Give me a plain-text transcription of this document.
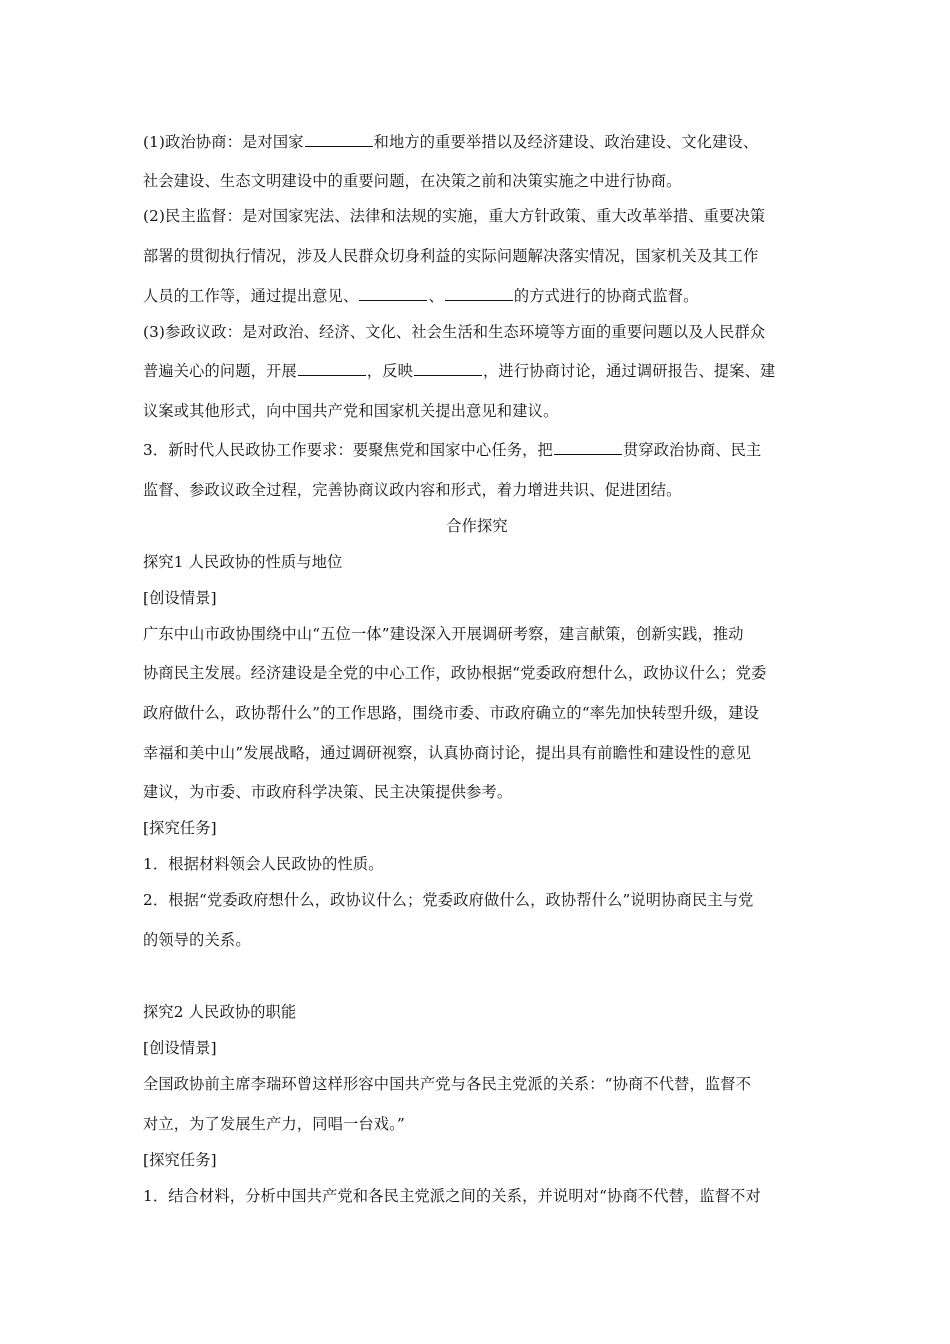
(1)政治协商：是对国家	和地方的重要举措以及经济建设、政治建设、文化建设、
社会建设、生态文明建设中的重要问题，在决策之前和决策实施之中进行协商。
(2)民主监督：是对国家宪法、法律和法规的实施，重大方针政策、重大改革举措、重要决策
部署的贯彻执行情况，涉及人民群众切身利益的实际问题解决落实情况，国家机关及其工作
人员的工作等，通过提出意见、	、	的方式进行的协商式监督。
(3)参政议政：是对政治、经济、文化、社会生活和生态环境等方面的重要问题以及人民群众
普遍关心的问题，开展	，反映	，进行协商讨论，通过调研报告、提案、建
议案或其他形式，向中国共产党和国家机关提出意见和建议。
3．新时代人民政协工作要求：要聚焦党和国家中心任务，把	贯穿政治协商、民主
监督、参政议政全过程，完善协商议政内容和形式，着力增进共识、促进团结。
合作探究
探究1 人民政协的性质与地位
[创设情景]
广东中山市政协围绕中山“五位一体”建设深入开展调研考察，建言献策，创新实践，推动
协商民主发展。经济建设是全党的中心工作，政协根据“党委政府想什么，政协议什么；党委
政府做什么，政协帮什么”的工作思路，围绕市委、市政府确立的“率先加快转型升级，建设
幸福和美中山”发展战略，通过调研视察，认真协商讨论，提出具有前瞻性和建设性的意见
建议，为市委、市政府科学决策、民主决策提供参考。
[探究任务]
1．根据材料领会人民政协的性质。
2．根据“党委政府想什么，政协议什么；党委政府做什么，政协帮什么”说明协商民主与党
的领导的关系。
探究2 人民政协的职能
[创设情景]
全国政协前主席李瑞环曾这样形容中国共产党与各民主党派的关系：“协商不代替，监督不
对立，为了发展生产力，同唱一台戏。”
[探究任务]
1．结合材料，分析中国共产党和各民主党派之间的关系，并说明对“协商不代替，监督不对
